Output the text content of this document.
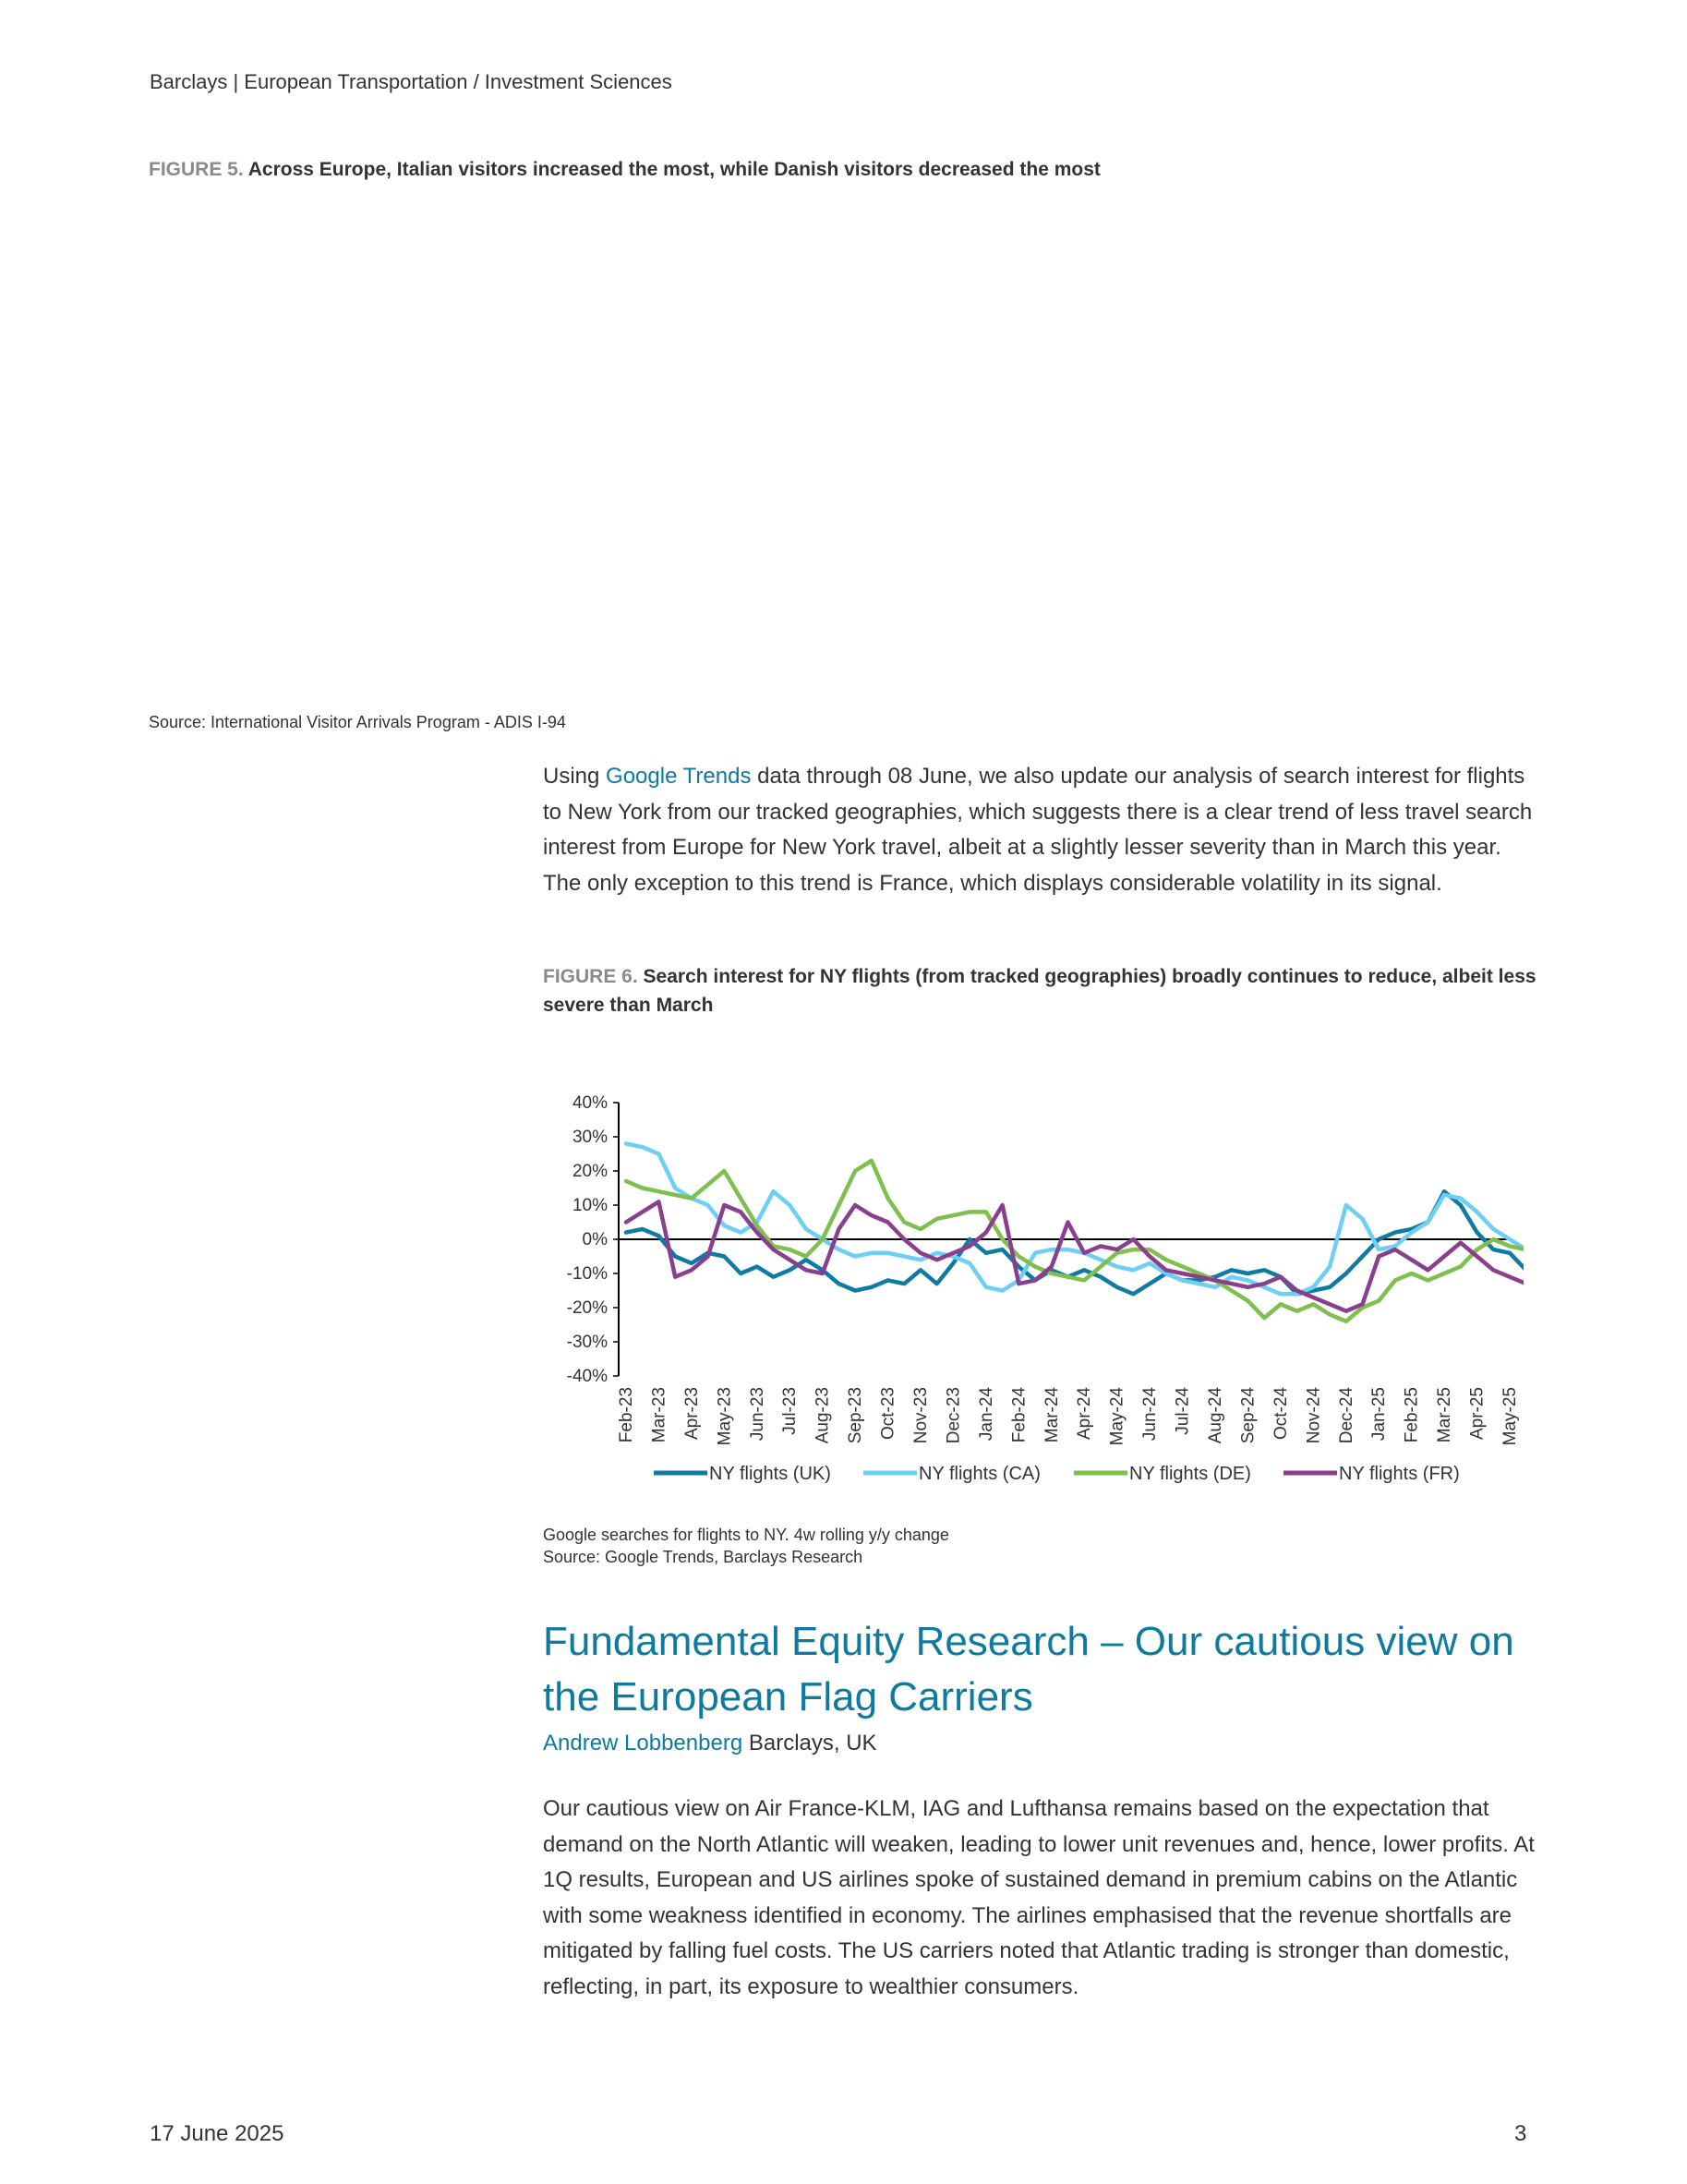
Barclays | European Transportation / Investment Sciences
FIGURE 5. Across Europe, Italian visitors increased the most, while Danish visitors decreased the most
Source: International Visitor Arrivals Program - ADIS I-94
Using Google Trends data through 08 June, we also update our analysis of search interest for flights to New York from our tracked geographies, which suggests there is a clear trend of less travel search interest from Europe for New York travel, albeit at a slightly lesser severity than in March this year. The only exception to this trend is France, which displays considerable volatility in its signal.
FIGURE 6. Search interest for NY flights (from tracked geographies) broadly continues to reduce, albeit less severe than March
40%
30%
20%
10%
0%
-10%
-20%
-30%
-40%
Feb-23 Mar-23 Apr-23 May-23 Jun-23 Jul-23 Aug-23 Sep-23 Oct-23 Nov-23 Dec-23 Jan-24 Feb-24 Mar-24 Apr-24 May-24 Jun-24 Jul-24 Aug-24 Sep-24 Oct-24 Nov-24 Dec-24 Jan-25 Feb-25 Mar-25 Apr-25 May-25
NY flights (UK)	NY flights (CA)	NY flights (DE)	NY flights (FR)
Google searches for flights to NY. 4w rolling y/y change
Source: Google Trends, Barclays Research
Fundamental Equity Research – Our cautious view on the European Flag Carriers
Andrew Lobbenberg Barclays, UK
Our cautious view on Air France-KLM, IAG and Lufthansa remains based on the expectation that demand on the North Atlantic will weaken, leading to lower unit revenues and, hence, lower profits. At 1Q results, European and US airlines spoke of sustained demand in premium cabins on the Atlantic with some weakness identified in economy. The airlines emphasised that the revenue shortfalls are mitigated by falling fuel costs. The US carriers noted that Atlantic trading is stronger than domestic, reflecting, in part, its exposure to wealthier consumers.
17 June 2025	3
